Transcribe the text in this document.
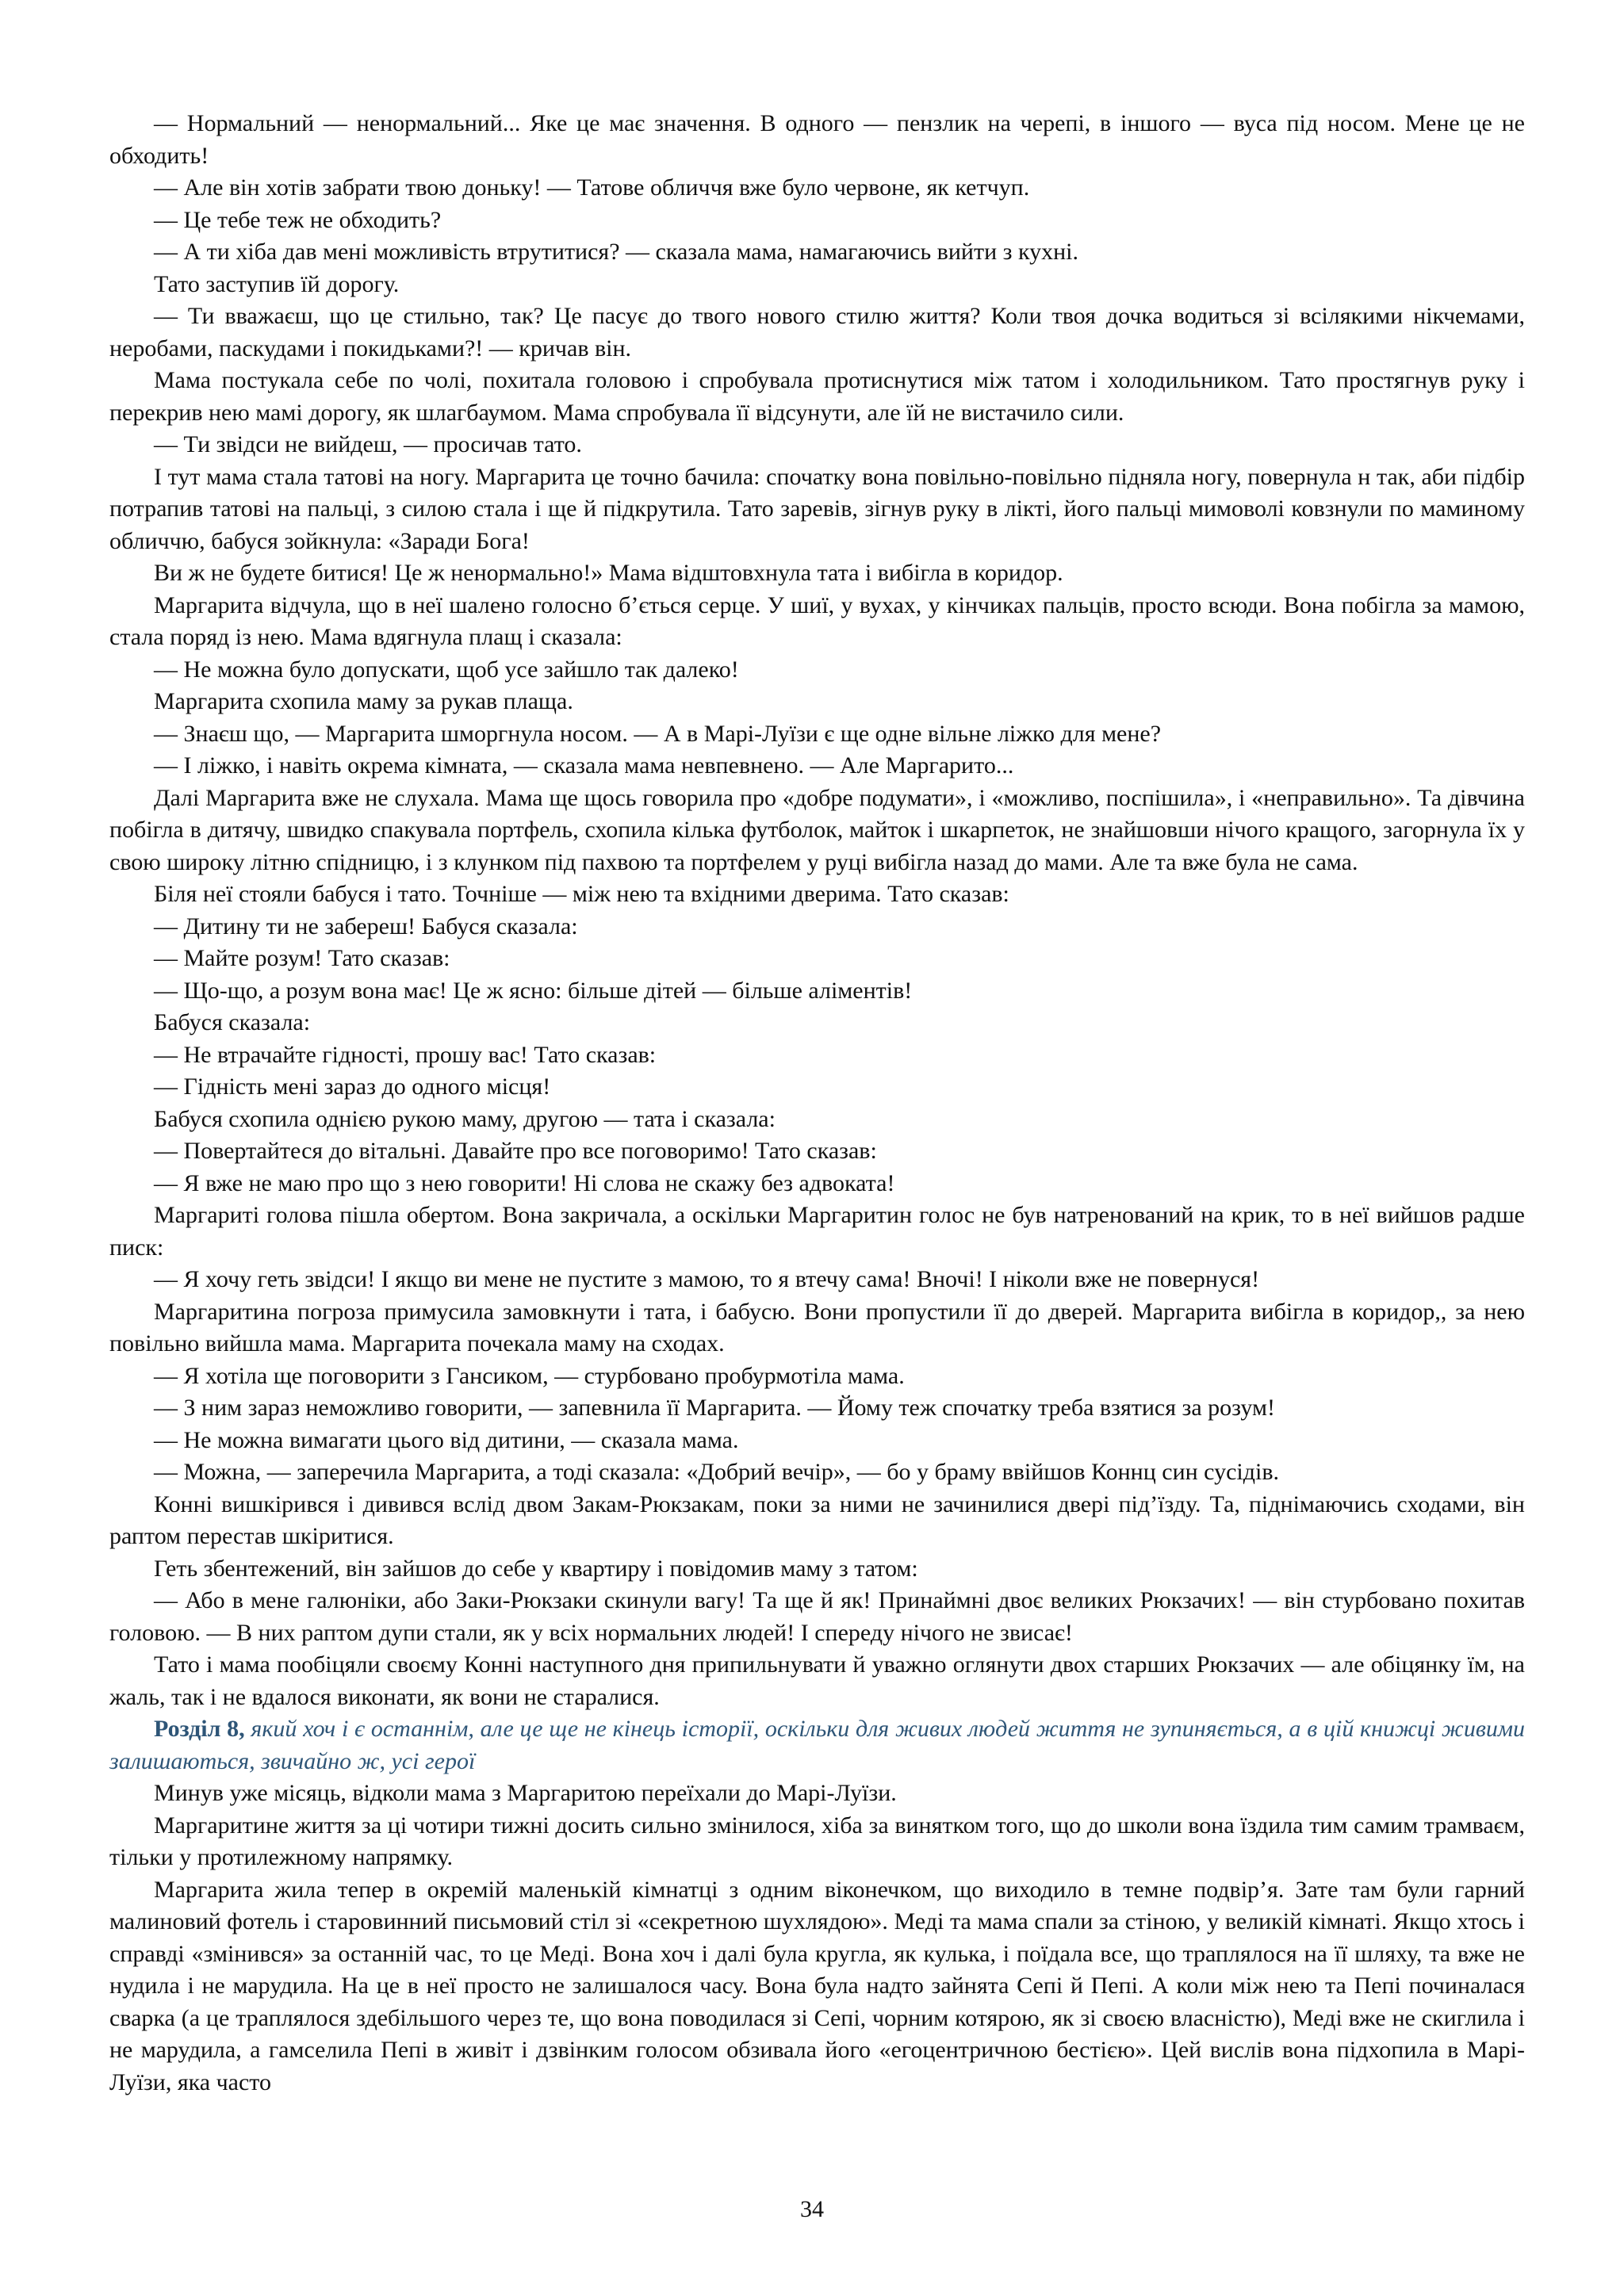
— Нормальний — ненормальний... Яке це має значення. В одного — пензлик на черепі, в іншого — вуса під носом. Мене це не обходить!

— Але він хотів забрати твою доньку! — Татове обличчя вже було червоне, як кетчуп.

— Це тебе теж не обходить?

— А ти хіба дав мені можливість втрутитися? — сказала мама, намагаючись вийти з кухні.

Тато заступив їй дорогу.

— Ти вважаєш, що це стильно, так? Це пасує до твого нового стилю життя? Коли твоя дочка водиться зі всілякими нікчемами, неробами, паскудами і покидьками?! — кричав він.

Мама постукала себе по чолі, похитала головою і спробувала протиснутися між татом і холодильником. Тато простягнув руку і перекрив нею мамі дорогу, як шлагбаумом. Мама спробувала її відсунути, але їй не вистачило сили.

— Ти звідси не вийдеш, — просичав тато.

І тут мама стала татові на ногу. Маргарита це точно бачила: спочатку вона повільно-повільно підняла ногу, повернула н так, аби підбір потрапив татові на пальці, з силою стала і ще й підкрутила. Тато заревів, зігнув руку в лікті, його пальці мимоволі ковзнули по маминому обличчю, бабуся зойкнула: «Заради Бога!

Ви ж не будете битися! Це ж ненормально!» Мама відштовхнула тата і вибігла в коридор.

Маргарита відчула, що в неї шалено голосно б’ється серце. У шиї, у вухах, у кінчиках пальців, просто всюди. Вона побігла за мамою, стала поряд із нею. Мама вдягнула плащ і сказала:

— Не можна було допускати, щоб усе зайшло так далеко!

Маргарита схопила маму за рукав плаща.

— Знаєш що, — Маргарита шморгнула носом. — А в Марі-Луїзи є ще одне вільне ліжко для мене?

— І ліжко, і навіть окрема кімната, — сказала мама невпевнено. — Але Маргарито...

Далі Маргарита вже не слухала. Мама ще щось говорила про «добре подумати», і «можливо, поспішила», і «неправильно». Та дівчина побігла в дитячу, швидко спакувала портфель, схопила кілька футболок, майток і шкарпеток, не знайшовши нічого кращого, загорнула їх у свою широку літню спідницю, і з клунком під пахвою та портфелем у руці вибігла назад до мами. Але та вже була не сама.

Біля неї стояли бабуся і тато. Точніше — між нею та вхідними дверима. Тато сказав:

— Дитину ти не забереш! Бабуся сказала:

— Майте розум! Тато сказав:

— Що-що, а розум вона має! Це ж ясно: більше дітей — більше аліментів!

Бабуся сказала:

— Не втрачайте гідності, прошу вас! Тато сказав:

— Гідність мені зараз до одного місця!

Бабуся схопила однією рукою маму, другою — тата і сказала:

— Повертайтеся до вітальні. Давайте про все поговоримо! Тато сказав:

— Я вже не маю про що з нею говорити! Ні слова не скажу без адвоката!

Маргариті голова пішла обертом. Вона закричала, а оскільки Маргаритин голос не був натренований на крик, то в неї вийшов радше писк:

— Я хочу геть звідси! І якщо ви мене не пустите з мамою, то я втечу сама! Вночі! І ніколи вже не повернуся!

Маргаритина погроза примусила замовкнути і тата, і бабусю. Вони пропустили її до дверей. Маргарита вибігла в коридор,, за нею повільно вийшла мама. Маргарита почекала маму на сходах.

— Я хотіла ще поговорити з Гансиком, — стурбовано пробурмотіла мама.

— З ним зараз неможливо говорити, — запевнила її Маргарита. — Йому теж спочатку треба взятися за розум!

— Не можна вимагати цього від дитини, — сказала мама.

— Можна, — заперечила Маргарита, а тоді сказала: «Добрий вечір», — бо у браму ввійшов Коннц син сусідів.

Конні вишкірився і дивився вслід двом Закам-Рюкзакам, поки за ними не зачинилися двері під’їзду. Та, піднімаючись сходами, він раптом перестав шкіритися.

Геть збентежений, він зайшов до себе у квартиру і повідомив маму з татом:

— Або в мене галюніки, або Заки-Рюкзаки скинули вагу! Та ще й як! Принаймні двоє великих Рюкзачих! — він стурбовано похитав головою. — В них раптом дупи стали, як у всіх нормальних людей! І спереду нічого не звисає!

Тато і мама пообіцяли своєму Конні наступного дня припильнувати й уважно оглянути двох старших Рюкзачих — але обіцянку їм, на жаль, так і не вдалося виконати, як вони не старалися.

Розділ 8, який хоч і є останнім, але це ще не кінець історії, оскільки для живих людей життя не зупиняється, а в цій книжці живими залишаються, звичайно ж, усі герої

Минув уже місяць, відколи мама з Маргаритою переїхали до Марі-Луїзи.

Маргаритине життя за ці чотири тижні досить сильно змінилося, хіба за винятком того, що до школи вона їздила тим самим трамваєм, тільки у протилежному напрямку.

Маргарита жила тепер в окремій маленькій кімнатці з одним віконечком, що виходило в темне подвір’я. Зате там були гарний малиновий фотель і старовинний письмовий стіл зі «секретною шухлядою». Меді та мама спали за стіною, у великій кімнаті. Якщо хтось і справді «змінився» за останній час, то це Меді. Вона хоч і далі була кругла, як кулька, і поїдала все, що траплялося на її шляху, та вже не нудила і не марудила. На це в неї просто не залишалося часу. Вона була надто зайнята Сепі й Пепі. А коли між нею та Пепі починалася сварка (а це траплялося здебільшого через те, що вона поводилася зі Сепі, чорним котярою, як зі своєю власністю), Меді вже не скиглила і не марудила, а гамселила Пепі в живіт і дзвінким голосом обзивала його «егоцентричною бестією». Цей вислів вона підхопила в Марі-Луїзи, яка часто

34
